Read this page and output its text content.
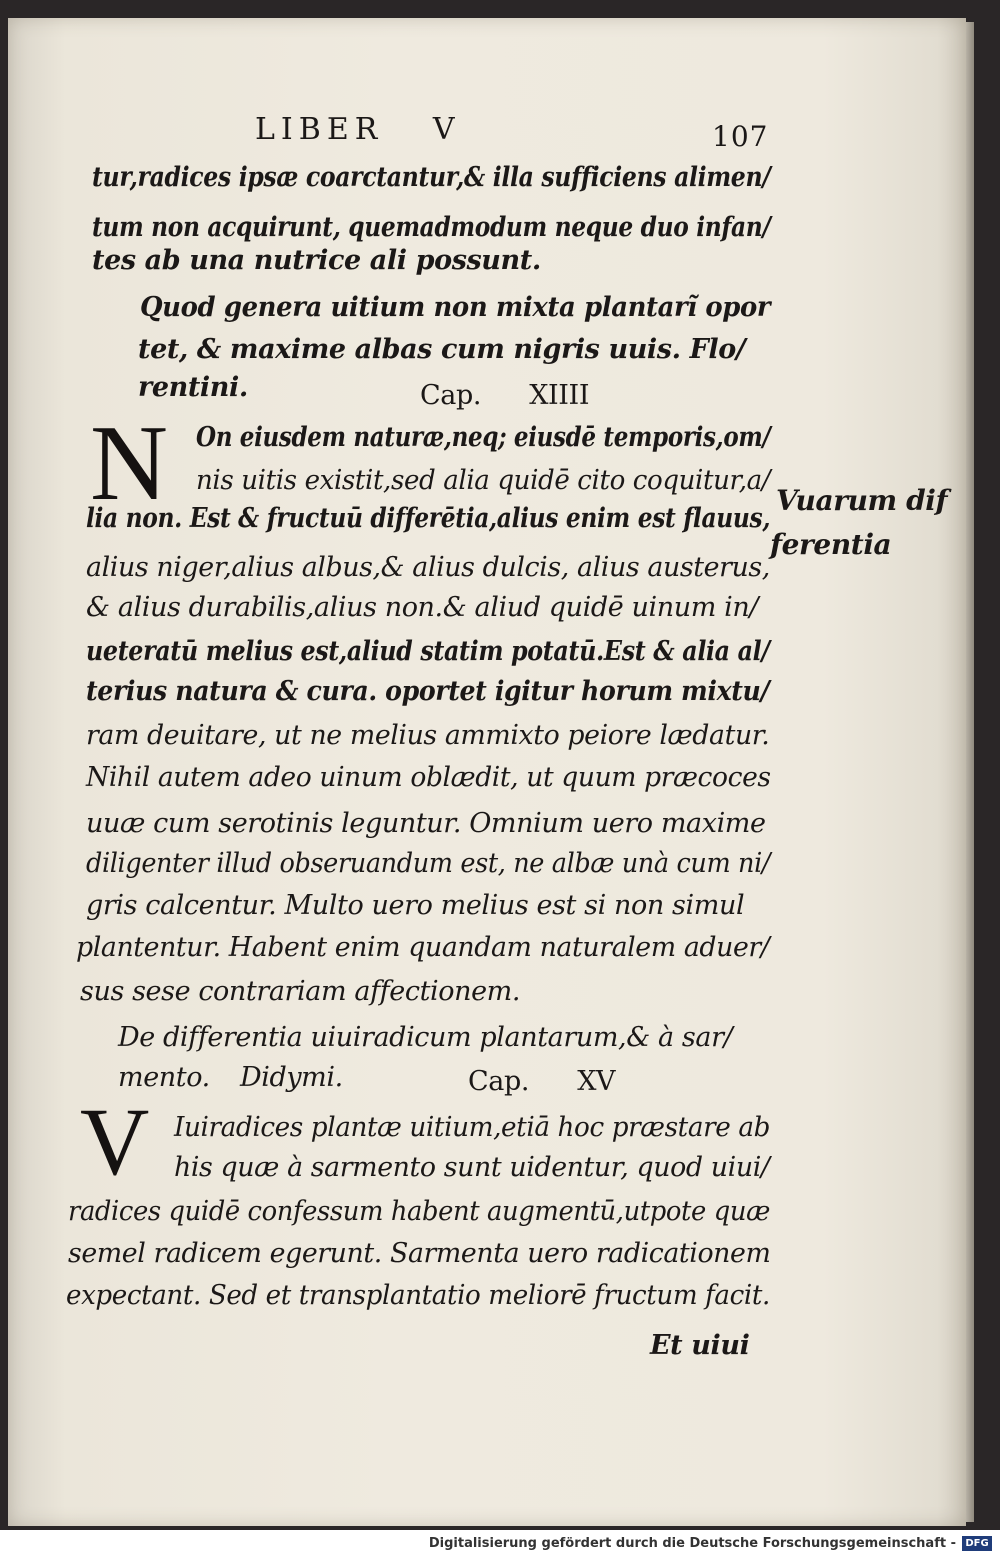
LIBER V	107
tur,radices ipsæ coarctantur,& illa sufficiens alimen/
tum non acquirunt, quemadmodum neque duo infan/
tes ab una nutrice ali possunt.
Quod genera uitium non mixta plantarı̃ opor
tet, & maxime albas cum nigris uuis. Flo/
rentini.	Cap. XIIII
N On eiusdem naturæ,neq; eiusdē temporis,om/
nis uitis existit,sed alia quidē cito coquitur,a/
lia non. Est & fructuū differētia,alius enim est flauus,
alius niger,alius albus,& alius dulcis, alius austerus,
& alius durabilis,alius non.& aliud quidē uinum in/
ueteratū melius est,aliud statim potatū.Est & alia al/
terius natura & cura. oportet igitur horum mixtu/
ram deuitare, ut ne melius ammixto peiore lædatur.
Nihil autem adeo uinum oblædit, ut quum præcoces
uuæ cum serotinis leguntur. Omnium uero maxime
diligenter illud obseruandum est, ne albæ unà cum ni/
gris calcentur. Multo uero melius est si non simul
plantentur. Habent enim quandam naturalem aduer/
sus sese contrariam affectionem.
Vuarum dif
ferentia
De differentia uiuiradicum plantarum,& à sar/
mento. Didymi.	Cap. XV
V Iuiradices plantæ uitium,etiā hoc præstare ab
his quæ à sarmento sunt uidentur, quod uiui/
radices quidē confessum habent augmentū,utpote quæ
semel radicem egerunt. Sarmenta uero radicationem
expectant. Sed et transplantatio meliorē fructum facit.
Et uiui
Digitalisierung gefördert durch die Deutsche Forschungsgemeinschaft - DFG
